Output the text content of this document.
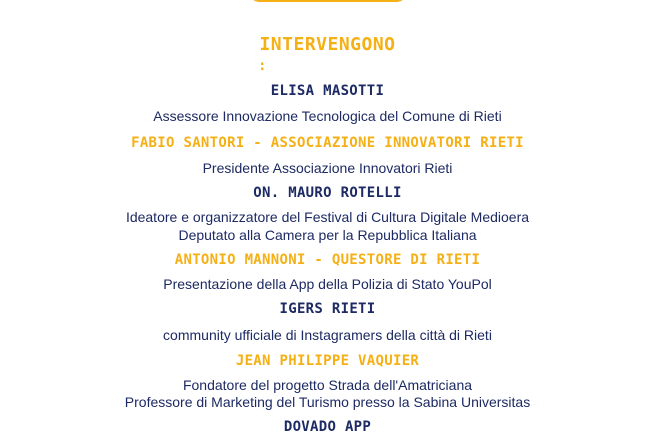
INTERVENGONO
:
ELISA MASOTTI
Assessore Innovazione Tecnologica del Comune di Rieti
FABIO SANTORI - ASSOCIAZIONE INNOVATORI RIETI
Presidente Associazione Innovatori Rieti
ON. MAURO ROTELLI
Ideatore e organizzatore del Festival di Cultura Digitale Medioera
Deputato alla Camera per la Repubblica Italiana
ANTONIO MANNONI - QUESTORE DI RIETI
Presentazione della App della Polizia di Stato YouPol
IGERS RIETI
community ufficiale di Instagramers della città di Rieti
JEAN PHILIPPE VAQUIER
Fondatore del progetto Strada dell'Amatriciana
Professore di Marketing del Turismo presso la Sabina Universitas
DOVADO APP
